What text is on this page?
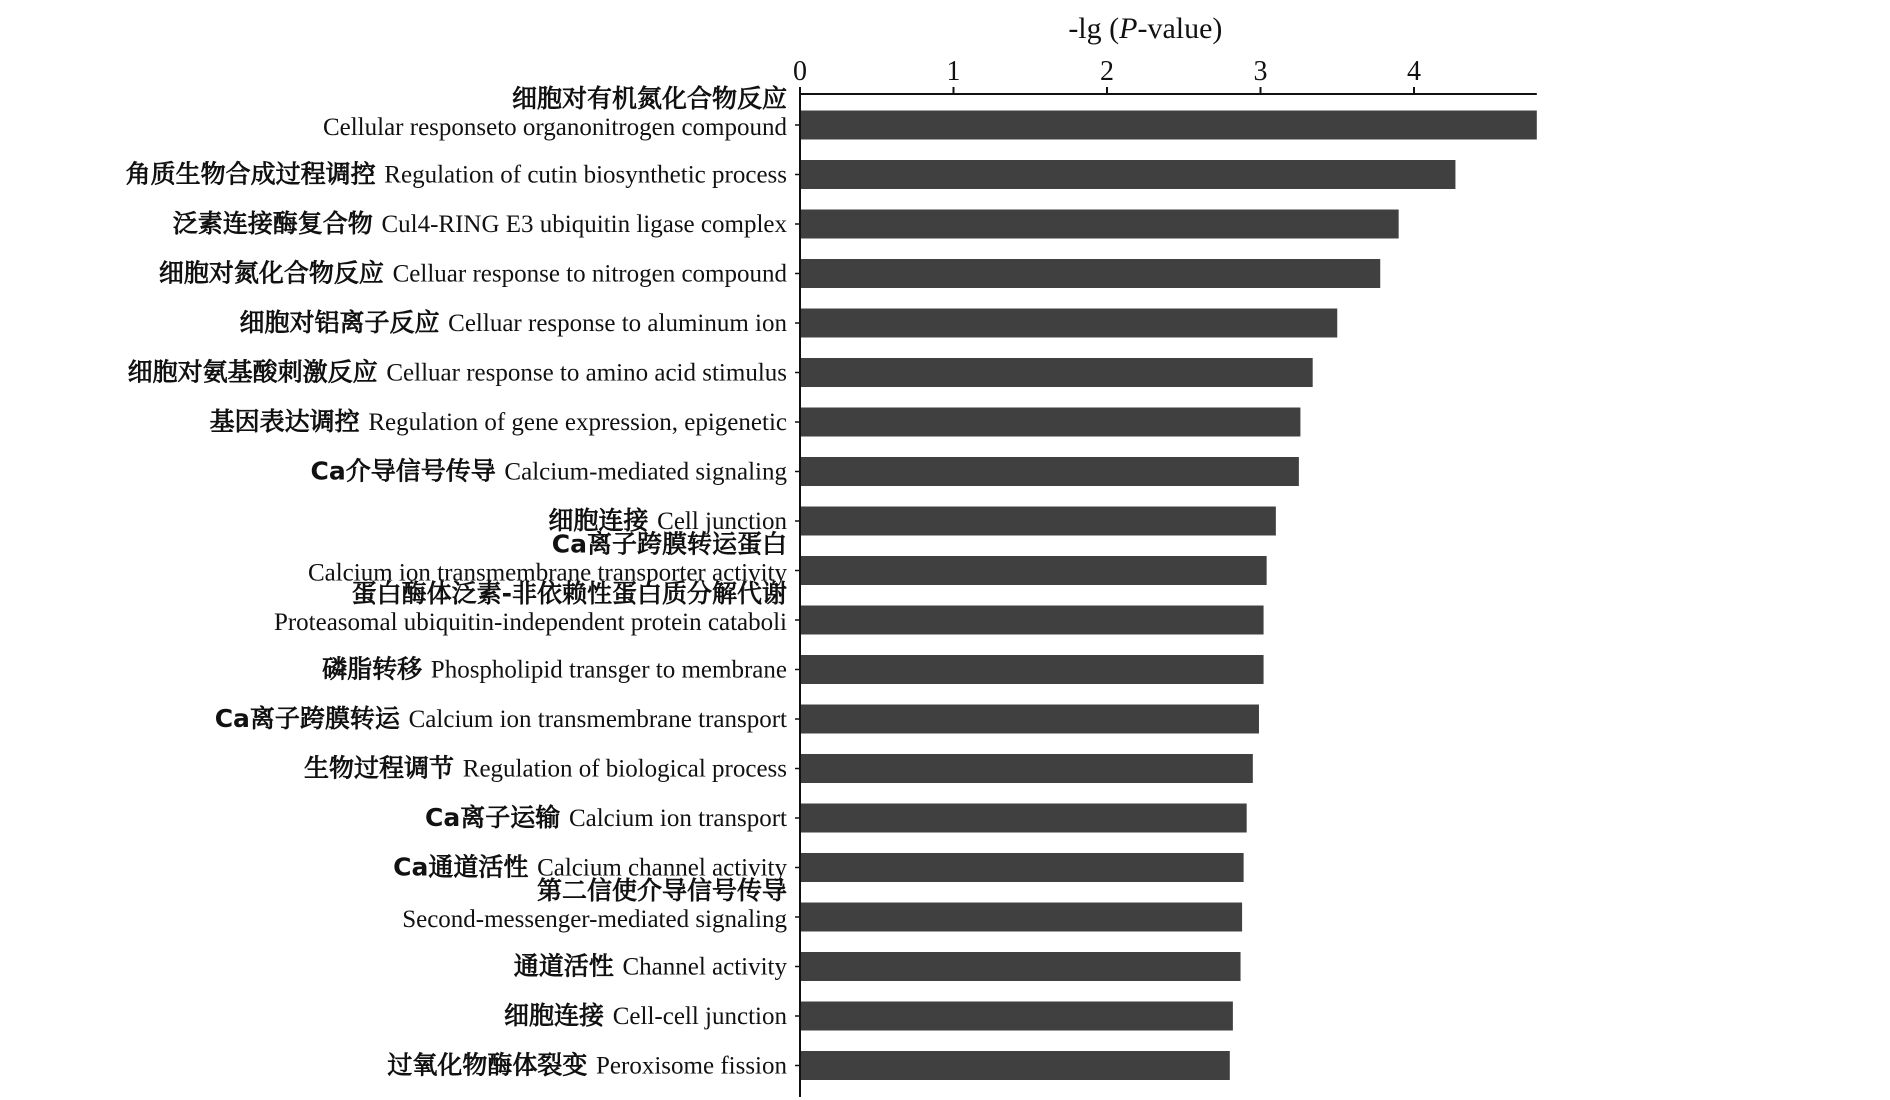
-lg (P-value)
0	1	2	3	4
细胞对有机氮化合物反应
Cellular responseto organonitrogen compound
角质生物合成过程调控 Regulation of cutin biosynthetic process
泛素连接酶复合物 Cul4-RING E3 ubiquitin ligase complex
细胞对氮化合物反应 Celluar response to nitrogen compound
细胞对铝离子反应 Celluar response to aluminum ion
细胞对氨基酸刺激反应 Celluar response to amino acid stimulus
基因表达调控 Regulation of gene expression, epigenetic
Ca介导信号传导 Calcium-mediated signaling
细胞连接 Cell junction
Ca离子跨膜转运蛋白
Calcium ion transmembrane transporter activity
蛋白酶体泛素-非依赖性蛋白质分解代谢
Proteasomal ubiquitin-independent protein cataboli
磷脂转移 Phospholipid transger to membrane
Ca离子跨膜转运 Calcium ion transmembrane transport
生物过程调节 Regulation of biological process
Ca离子运输 Calcium ion transport
Ca通道活性 Calcium channel activity
第二信使介导信号传导
Second-messenger-mediated signaling
通道活性 Channel activity
细胞连接 Cell-cell junction
过氧化物酶体裂变 Peroxisome fission
